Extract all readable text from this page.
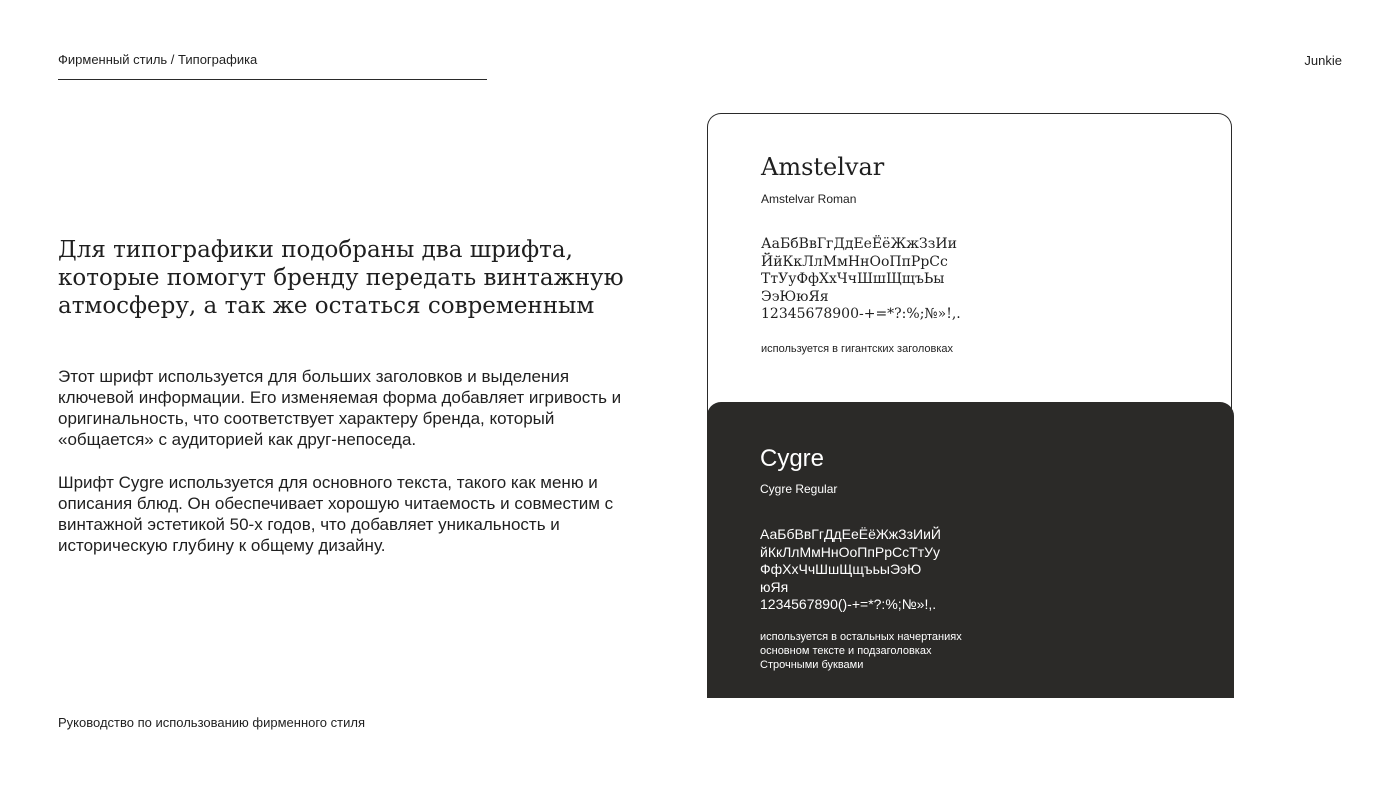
Фирменный стиль / Типографика	Junkie
Для типографики подобраны два шрифта, которые помогут бренду передать винтажную атмосферу, а так же остаться современным

Этот шрифт используется для больших заголовков и выделения ключевой информации. Его изменяемая форма добавляет игривость и оригинальность, что соответствует характеру бренда, который «общается» с аудиторией как друг-непоседа.

Шрифт Cygre используется для основного текста, такого как меню и описания блюд. Он обеспечивает хорошую читаемость и совместим с винтажной эстетикой 50-х годов, что добавляет уникальность и историческую глубину к общему дизайну.

Руководство по использованию фирменного стиля
Amstelvar
Amstelvar Roman
АаБбВвГгДдЕеЁёЖжЗзИи
ЙйКкЛлМмНнОоПпРрСс
ТтУуФфХхЧчШшЩщъЬы
ЭэЮюЯя
12345678900-+=*?:%;№»!,.
используется в гигантских заголовках
Cygre
Cygre Regular
АаБбВвГгДдЕеЁёЖжЗзИиЙ
йКкЛлМмНнОоПпРрСсТтУу
ФфХхЧчШшЩщъьыЭэЮ
юЯя
1234567890()-+=*?:%;№»!,.
используется в остальных начертаниях
основном тексте и подзаголовках
Строчными буквами
